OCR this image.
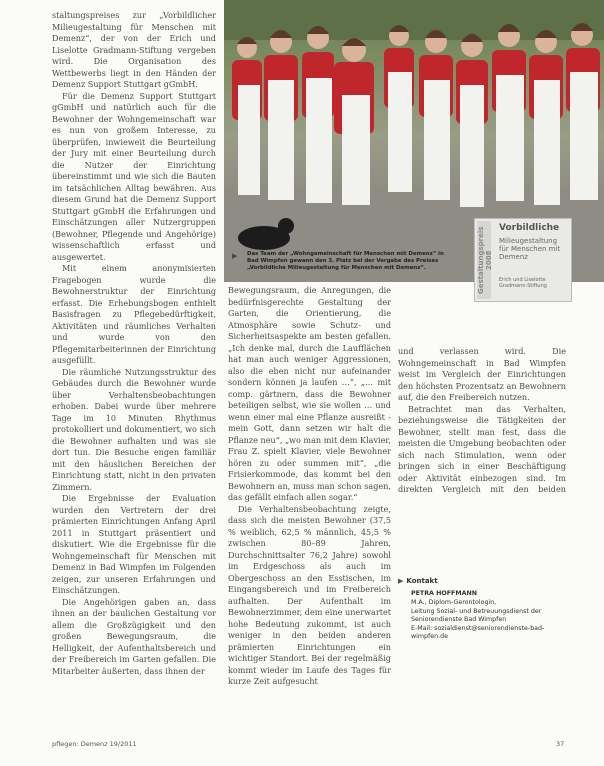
staltungspreises zur „Vorbildlicher Milieugestaltung für Menschen mit Demenz“, der von der Erich und Liselotte Gradmann-Stiftung vergeben wird. Die Organisation des Wettbewerbs liegt in den Händen der Demenz Support Stuttgart gGmbH.

Für die Demenz Support Stuttgart gGmbH und natürlich auch für die Bewohner der Wohngemeinschaft war es nun von großem Interesse, zu überprüfen, inwieweit die Beurteilung der Jury mit einer Beurteilung durch die Nutzer der Einrichtung übereinstimmt und wie sich die Bauten im tatsächlichen Alltag bewähren. Aus diesem Grund hat die Demenz Support Stuttgart gGmbH die Erfahrungen und Einschätzungen aller Nutzergruppen (Bewohner, Pflegende und Angehörige) wissenschaftlich erfasst und ausgewertet.

Mit einem anonymisierten Fragebogen wurde die Bewohnerstruktur der Einrichtung erfasst. Die Erhebungsbogen enthielt Basisfragen zu Pflegebedürftigkeit, Aktivitäten und räumliches Verhalten und wurde von den Pflegemitarbeiterinnen der Einrichtung ausgefüllt.

Die räumliche Nutzungsstruktur des Gebäudes durch die Bewohner wurde über Verhaltensbeobachtungen erhoben. Dabei wurde über mehrere Tage im 10 Minuten Rhythmus protokolliert und dokumentiert, wo sich die Bewohner aufhalten und was sie dort tun. Die Besuche engen familiär mit den häuslichen Bereichen der Einrichtung statt, nicht in den privaten Zimmern.

Die Ergebnisse der Evaluation wurden den Vertretern der drei prämierten Einrichtungen Anfang April 2011 in Stuttgart präsentiert und diskutiert. Wie die Ergebnisse für die Wohngemeinschaft für Menschen mit Demenz in Bad Wimpfen im Folgenden zeigen, zur unseren Erfahrungen und Einschätzungen.

Die Angehörigen gaben an, dass ihnen an der baulichen Gestaltung vor allem die Großzügigkeit und den großen Bewegungsraum, die Helligkeit, der Aufenthaltsbereich und der Freibereich im Garten gefallen. Die Mitarbeiter äußerten, dass ihnen der

▶ Das Team der „Wohngemeinschaft für Menschen mit Demenz“ in
Bad Wimpfen gewann den 3. Platz bei der Vergabe des Preises
„Vorbildliche Milieugestaltung für Menschen mit Demenz“.	Gestaltungspreis 2008
Vorbildliche
Milieugestaltung für Menschen mit Demenz
Erich und Liselotte Gradmann-Stiftung

Bewegungsraum, die Anregungen, die bedürfnisgerechte Gestaltung der Garten, die Orientierung, die Atmosphäre sowie Schutz- und Sicherheitsaspekte am besten gefallen. „Ich denke mal, durch die Laufflächen hat man auch weniger Aggressionen, also die eben nicht nur aufeinander sondern können ja laufen …“, „… mit comp. gärtnern, dass die Bewohner beteiligen selbst, wie sie wollen … und wenn einer mal eine Pflanze ausreißt - mein Gott, dann setzen wir halt die Pflanze neu“, „wo man mit dem Klavier, Frau Z. spielt Klavier, viele Bewohner hören zu oder summen mit“, „die Frisierkommode, das kommt bei den Bewohnern an, muss man schon sagen, das gefällt einfach allen sogar.“

Die Verhaltensbeobachtung zeigte, dass sich die meisten Bewohner (37,5 % weiblich, 62,5 % männlich, 45,5 % zwischen 80–89 Jahren, Durchschnittsalter 76,2 Jahre) sowohl im Erdgeschoss als auch im Obergeschoss an den Esstischen, im Eingangsbereich und im Freibereich aufhalten. Der Aufenthalt im Bewohnerzimmer, dem eine unerwartet hohe Bedeutung zukommt, ist auch weniger in den beiden anderen prämierten Einrichtungen ein wichtiger Standort. Bei der regelmäßig kommt wieder im Laufe des Tages für kurze Zeit aufgesucht

und verlassen wird. Die Wohngemeinschaft in Bad Wimpfen weist im Vergleich der Einrichtungen den höchsten Prozentsatz an Bewohnern auf, die den Freibereich nutzen.

Betrachtet man das Verhalten, beziehungsweise die Tätigkeiten der Bewohner, stellt man fest, dass die meisten die Umgebung beobachten oder sich nach Stimulation, wenn oder bringen sich in einer Beschäftigung oder Aktivität einbezogen sind. Im direkten Vergleich mit den beiden

▶ Kontakt
PETRA HOFFMANN
M.A., Diplom-Gerontologin,
Leitung Sozial- und Betreuungsdienst der
Seniorendienste Bad Wimpfen
E-Mail: sozialdienst@seniorendienste-bad-
wimpfen.de
pflegen: Demenz 19/2011	37
